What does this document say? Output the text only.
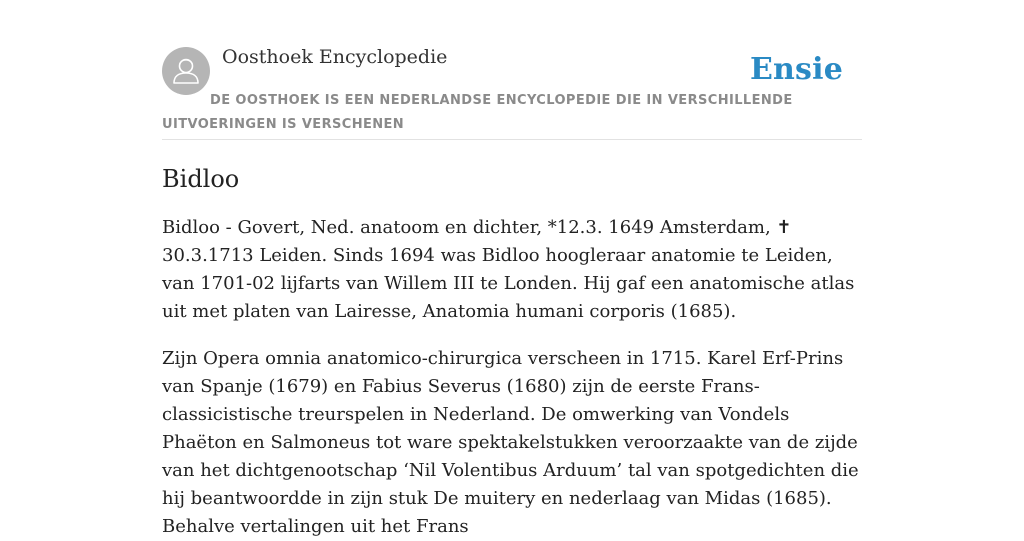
Oosthoek Encyclopedie	Ensie
DE OOSTHOEK IS EEN NEDERLANDSE ENCYCLOPEDIE DIE IN VERSCHILLENDE UITVOERINGEN IS VERSCHENEN
Bidloo

Bidloo - Govert, Ned. anatoom en dichter, *12.3. 1649 Amsterdam, ✝ 30.3.1713 Leiden. Sinds 1694 was Bidloo hoogleraar anatomie te Leiden, van 1701-02 lijfarts van Willem III te Londen. Hij gaf een anatomische atlas uit met platen van Lairesse, Anatomia humani corporis (1685).

Zijn Opera omnia anatomico-chirurgica verscheen in 1715. Karel Erf-Prins van Spanje (1679) en Fabius Severus (1680) zijn de eerste Frans-classicistische treurspelen in Nederland. De omwerking van Vondels Phaëton en Salmoneus tot ware spektakelstukken veroorzaakte van de zijde van het dichtgenootschap ‘Nil Volentibus Arduum’ tal van spotgedichten die hij beantwoordde in zijn stuk De muitery en nederlaag van Midas (1685). Behalve vertalingen uit het Frans
